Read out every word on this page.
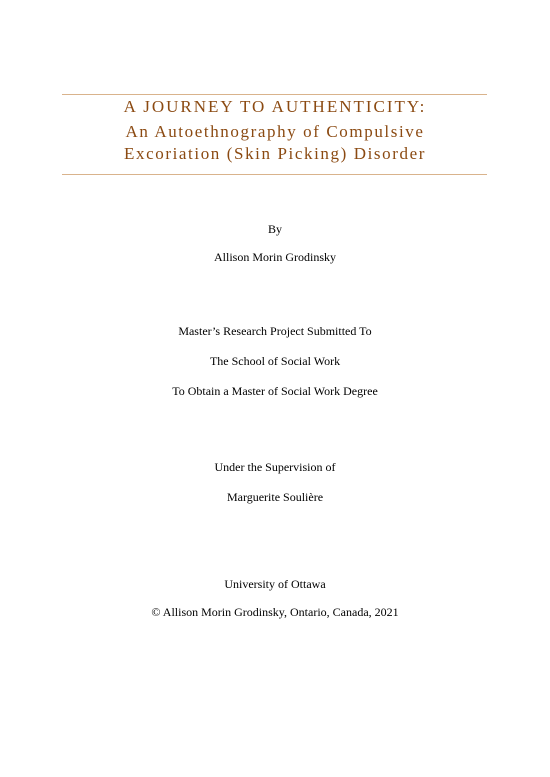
A JOURNEY TO AUTHENTICITY:
An Autoethnography of Compulsive
Excoriation (Skin Picking) Disorder

By

Allison Morin Grodinsky

Master’s Research Project Submitted To

The School of Social Work

To Obtain a Master of Social Work Degree

Under the Supervision of

Marguerite Soulière

University of Ottawa

© Allison Morin Grodinsky, Ontario, Canada, 2021
